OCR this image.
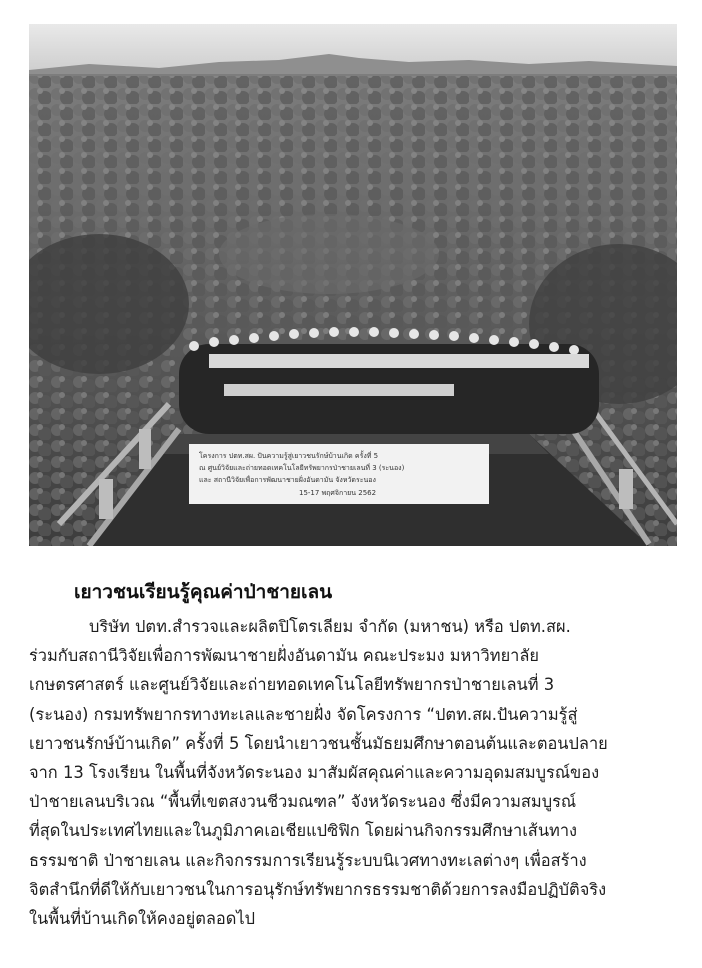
โครงการ ปตท.สผ. ปันความรู้สู่เยาวชนรักษ์บ้านเกิด ครั้งที่ 5
ณ ศูนย์วิจัยและถ่ายทอดเทคโนโลยีทรัพยากรป่าชายเลนที่ 3 (ระนอง)
และ สถานีวิจัยเพื่อการพัฒนาชายฝั่งอันดามัน จังหวัดระนอง
15-17 พฤศจิกายน 2562
เยาวชนเรียนรู้คุณค่าป่าชายเลน
บริษัท ปตท.สำรวจและผลิตปิโตรเลียม จำกัด (มหาชน) หรือ ปตท.สผ.
ร่วมกับสถานีวิจัยเพื่อการพัฒนาชายฝั่งอันดามัน คณะประมง มหาวิทยาลัย
เกษตรศาสตร์ และศูนย์วิจัยและถ่ายทอดเทคโนโลยีทรัพยากรป่าชายเลนที่ 3
(ระนอง) กรมทรัพยากรทางทะเลและชายฝั่ง จัดโครงการ “ปตท.สผ.ปันความรู้สู่
เยาวชนรักษ์บ้านเกิด” ครั้งที่ 5 โดยนำเยาวชนชั้นมัธยมศึกษาตอนต้นและตอนปลาย
จาก 13 โรงเรียน ในพื้นที่จังหวัดระนอง มาสัมผัสคุณค่าและความอุดมสมบูรณ์ของ
ป่าชายเลนบริเวณ “พื้นที่เขตสงวนชีวมณฑล” จังหวัดระนอง ซึ่งมีความสมบูรณ์
ที่สุดในประเทศไทยและในภูมิภาคเอเชียแปซิฟิก โดยผ่านกิจกรรมศึกษาเส้นทาง
ธรรมชาติ ป่าชายเลน และกิจกรรมการเรียนรู้ระบบนิเวศทางทะเลต่างๆ เพื่อสร้าง
จิตสำนึกที่ดีให้กับเยาวชนในการอนุรักษ์ทรัพยากรธรรมชาติด้วยการลงมือปฏิบัติจริง
ในพื้นที่บ้านเกิดให้คงอยู่ตลอดไป
